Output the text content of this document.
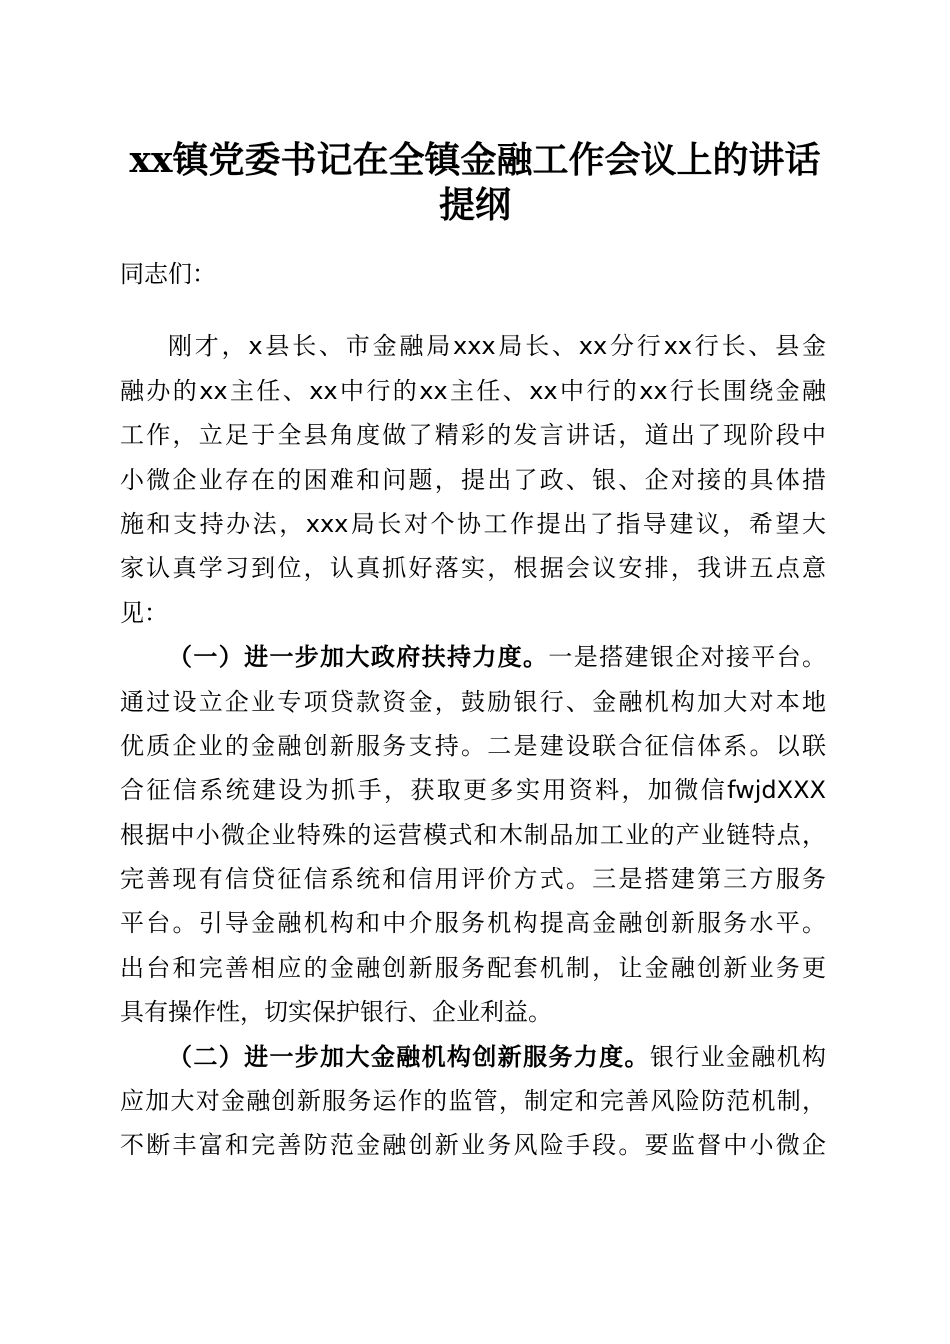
xx镇党委书记在全镇金融工作会议上的讲话
提纲
同志们：
刚才，x县长、市金融局xxx局长、xx分行xx行长、县金
融办的xx主任、xx中行的xx主任、xx中行的xx行长围绕金融
工作，立足于全县角度做了精彩的发言讲话，道出了现阶段中
小微企业存在的困难和问题，提出了政、银、企对接的具体措
施和支持办法，xxx局长对个协工作提出了指导建议，希望大
家认真学习到位，认真抓好落实，根据会议安排，我讲五点意
见：
（一）进一步加大政府扶持力度。一是搭建银企对接平台。
通过设立企业专项贷款资金，鼓励银行、金融机构加大对本地
优质企业的金融创新服务支持。二是建设联合征信体系。以联
合征信系统建设为抓手，获取更多实用资料，加微信fwjdXXX
根据中小微企业特殊的运营模式和木制品加工业的产业链特点，
完善现有信贷征信系统和信用评价方式。三是搭建第三方服务
平台。引导金融机构和中介服务机构提高金融创新服务水平。
出台和完善相应的金融创新服务配套机制，让金融创新业务更
具有操作性，切实保护银行、企业利益。
（二）进一步加大金融机构创新服务力度。银行业金融机构
应加大对金融创新服务运作的监管，制定和完善风险防范机制，
不断丰富和完善防范金融创新业务风险手段。要监督中小微企
